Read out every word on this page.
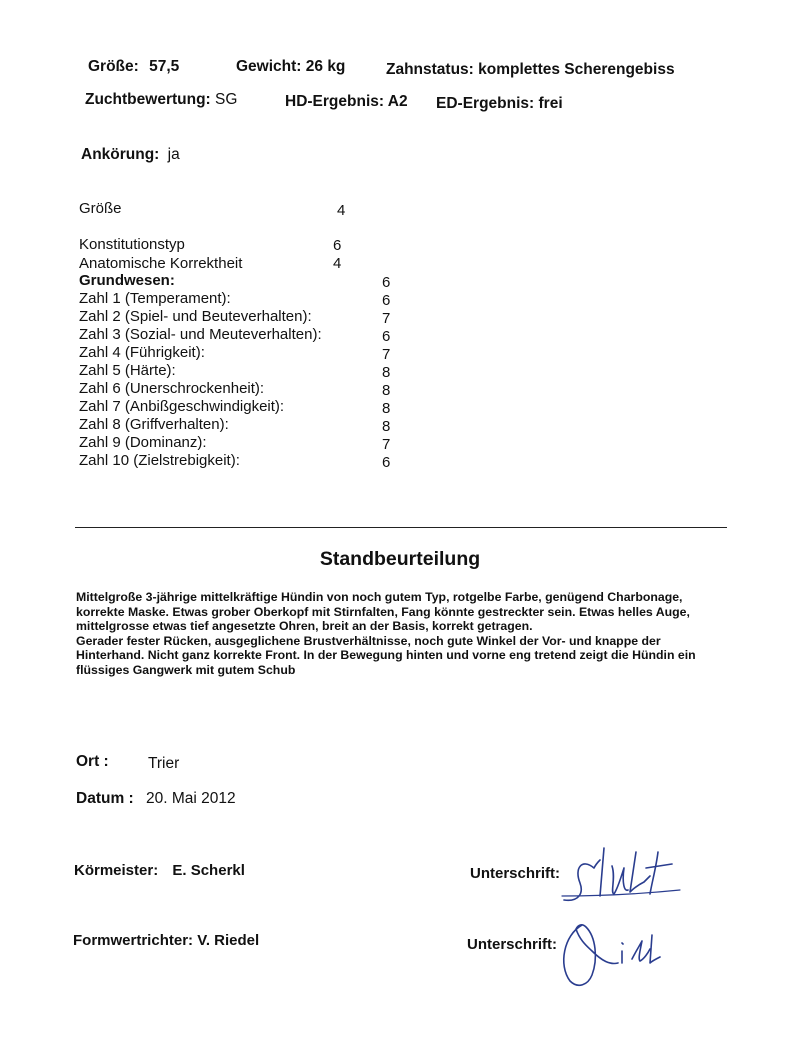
Größe: 57,5	Gewicht: 26 kg	Zahnstatus: komplettes Scherengebiss
Zuchtbewertung: SG	HD-Ergebnis: A2 ED-Ergebnis: frei
Ankörung: ja
Größe	4
Konstitutionstyp	6
Anatomische Korrektheit	4
Grundwesen:	6
Zahl 1 (Temperament):	6
Zahl 2 (Spiel- und Beuteverhalten):	7
Zahl 3 (Sozial- und Meuteverhalten):	6
Zahl 4 (Führigkeit):	7
Zahl 5 (Härte):	8
Zahl 6 (Unerschrockenheit):	8
Zahl 7 (Anbißgeschwindigkeit):	8
Zahl 8 (Griffverhalten):	8
Zahl 9 (Dominanz):	7
Zahl 10 (Zielstrebigkeit):	6
Standbeurteilung
Mittelgroße 3-jährige mittelkräftige Hündin von noch gutem Typ, rotgelbe Farbe, genügend Charbonage,
korrekte Maske. Etwas grober Oberkopf mit Stirnfalten, Fang könnte gestreckter sein. Etwas helles Auge,
mittelgrosse etwas tief angesetzte Ohren, breit an der Basis, korrekt getragen.
Gerader fester Rücken, ausgeglichene Brustverhältnisse, noch gute Winkel der Vor- und knappe der
Hinterhand. Nicht ganz korrekte Front. In der Bewegung hinten und vorne eng tretend zeigt die Hündin ein
flüssiges Gangwerk mit gutem Schub
Ort :	Trier
Datum : 20. Mai 2012
Körmeister: E. Scherkl
Formwertrichter: V. Riedel
Unterschrift:
Unterschrift:
